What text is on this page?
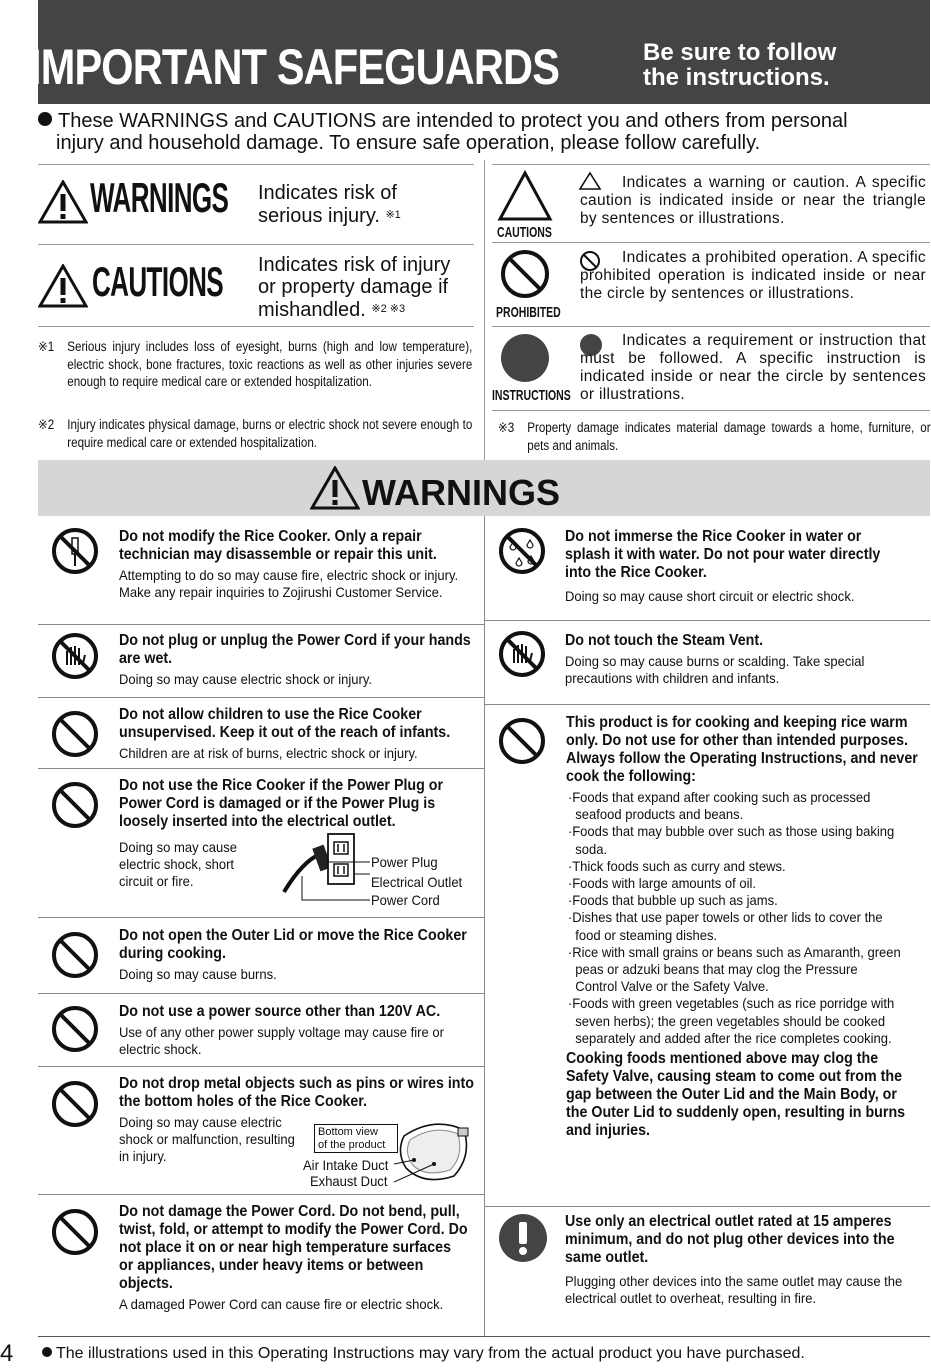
IMPORTANT SAFEGUARDS	Be sure to follow
the instructions.
These WARNINGS and CAUTIONS are intended to protect you and others from personal
injury and household damage. To ensure safe operation, please follow carefully.
WARNINGS Indicates risk of
serious injury. $^{※1}$
CAUTIONS Indicates risk of injury
or property damage if
mishandled. $^{※2 ※3}$
※1 Serious injury includes loss of eyesight, burns (high and low temperature), electric shock, bone fractures, toxic reactions as well as other injuries severe enough to require medical care or extended hospitalization.
※2 Injury indicates physical damage, burns or electric shock not severe enough to require medical care or extended hospitalization.
CAUTIONS
Indicates a warning or caution. A specific caution is indicated inside or near the triangle by sentences or illustrations.
PROHIBITED
Indicates a prohibited operation. A specific prohibited operation is indicated inside or near the circle by sentences or illustrations.
INSTRUCTIONS
Indicates a requirement or instruction that must be followed. A specific instruction is indicated inside or near the circle by sentences or illustrations.
※3 Property damage indicates material damage towards a home, furniture, or pets and animals.
WARNINGS
Do not modify the Rice Cooker. Only a repair technician may disassemble or repair this unit.
Attempting to do so may cause fire, electric shock or injury. Make any repair inquiries to Zojirushi Customer Service.
Do not plug or unplug the Power Cord if your hands are wet.
Doing so may cause electric shock or injury.
Do not allow children to use the Rice Cooker unsupervised. Keep it out of the reach of infants.
Children are at risk of burns, electric shock or injury.
Do not use the Rice Cooker if the Power Plug or Power Cord is damaged or if the Power Plug is loosely inserted into the electrical outlet.
Doing so may cause electric shock, short circuit or fire.
Power Plug
Electrical Outlet
Power Cord
Do not open the Outer Lid or move the Rice Cooker during cooking.
Doing so may cause burns.
Do not use a power source other than 120V AC.
Use of any other power supply voltage may cause fire or electric shock.
Do not drop metal objects such as pins or wires into the bottom holes of the Rice Cooker.
Doing so may cause electric shock or malfunction, resulting in injury.
Bottom view
of the product
Air Intake Duct
Exhaust Duct
Do not damage the Power Cord. Do not bend, pull, twist, fold, or attempt to modify the Power Cord. Do not place it on or near high temperature surfaces or appliances, under heavy items or between objects.
A damaged Power Cord can cause fire or electric shock.
Do not immerse the Rice Cooker in water or splash it with water. Do not pour water directly into the Rice Cooker.
Doing so may cause short circuit or electric shock.
Do not touch the Steam Vent.
Doing so may cause burns or scalding. Take special precautions with children and infants.
This product is for cooking and keeping rice warm only. Do not use for other than intended purposes. Always follow the Operating Instructions, and never cook the following:
·Foods that expand after cooking such as processed seafood products and beans.
·Foods that may bubble over such as those using baking soda.
·Thick foods such as curry and stews.
·Foods with large amounts of oil.
·Foods that bubble up such as jams.
·Dishes that use paper towels or other lids to cover the food or steaming dishes.
·Rice with small grains or beans such as Amaranth, green peas or adzuki beans that may clog the Pressure Control Valve or the Safety Valve.
·Foods with green vegetables (such as rice porridge with seven herbs); the green vegetables should be cooked separately and added after the rice completes cooking.
Cooking foods mentioned above may clog the Safety Valve, causing steam to come out from the gap between the Outer Lid and the Main Body, or the Outer Lid to suddenly open, resulting in burns and injuries.
Use only an electrical outlet rated at 15 amperes minimum, and do not plug other devices into the same outlet.
Plugging other devices into the same outlet may cause the electrical outlet to overheat, resulting in fire.
4	The illustrations used in this Operating Instructions may vary from the actual product you have purchased.
